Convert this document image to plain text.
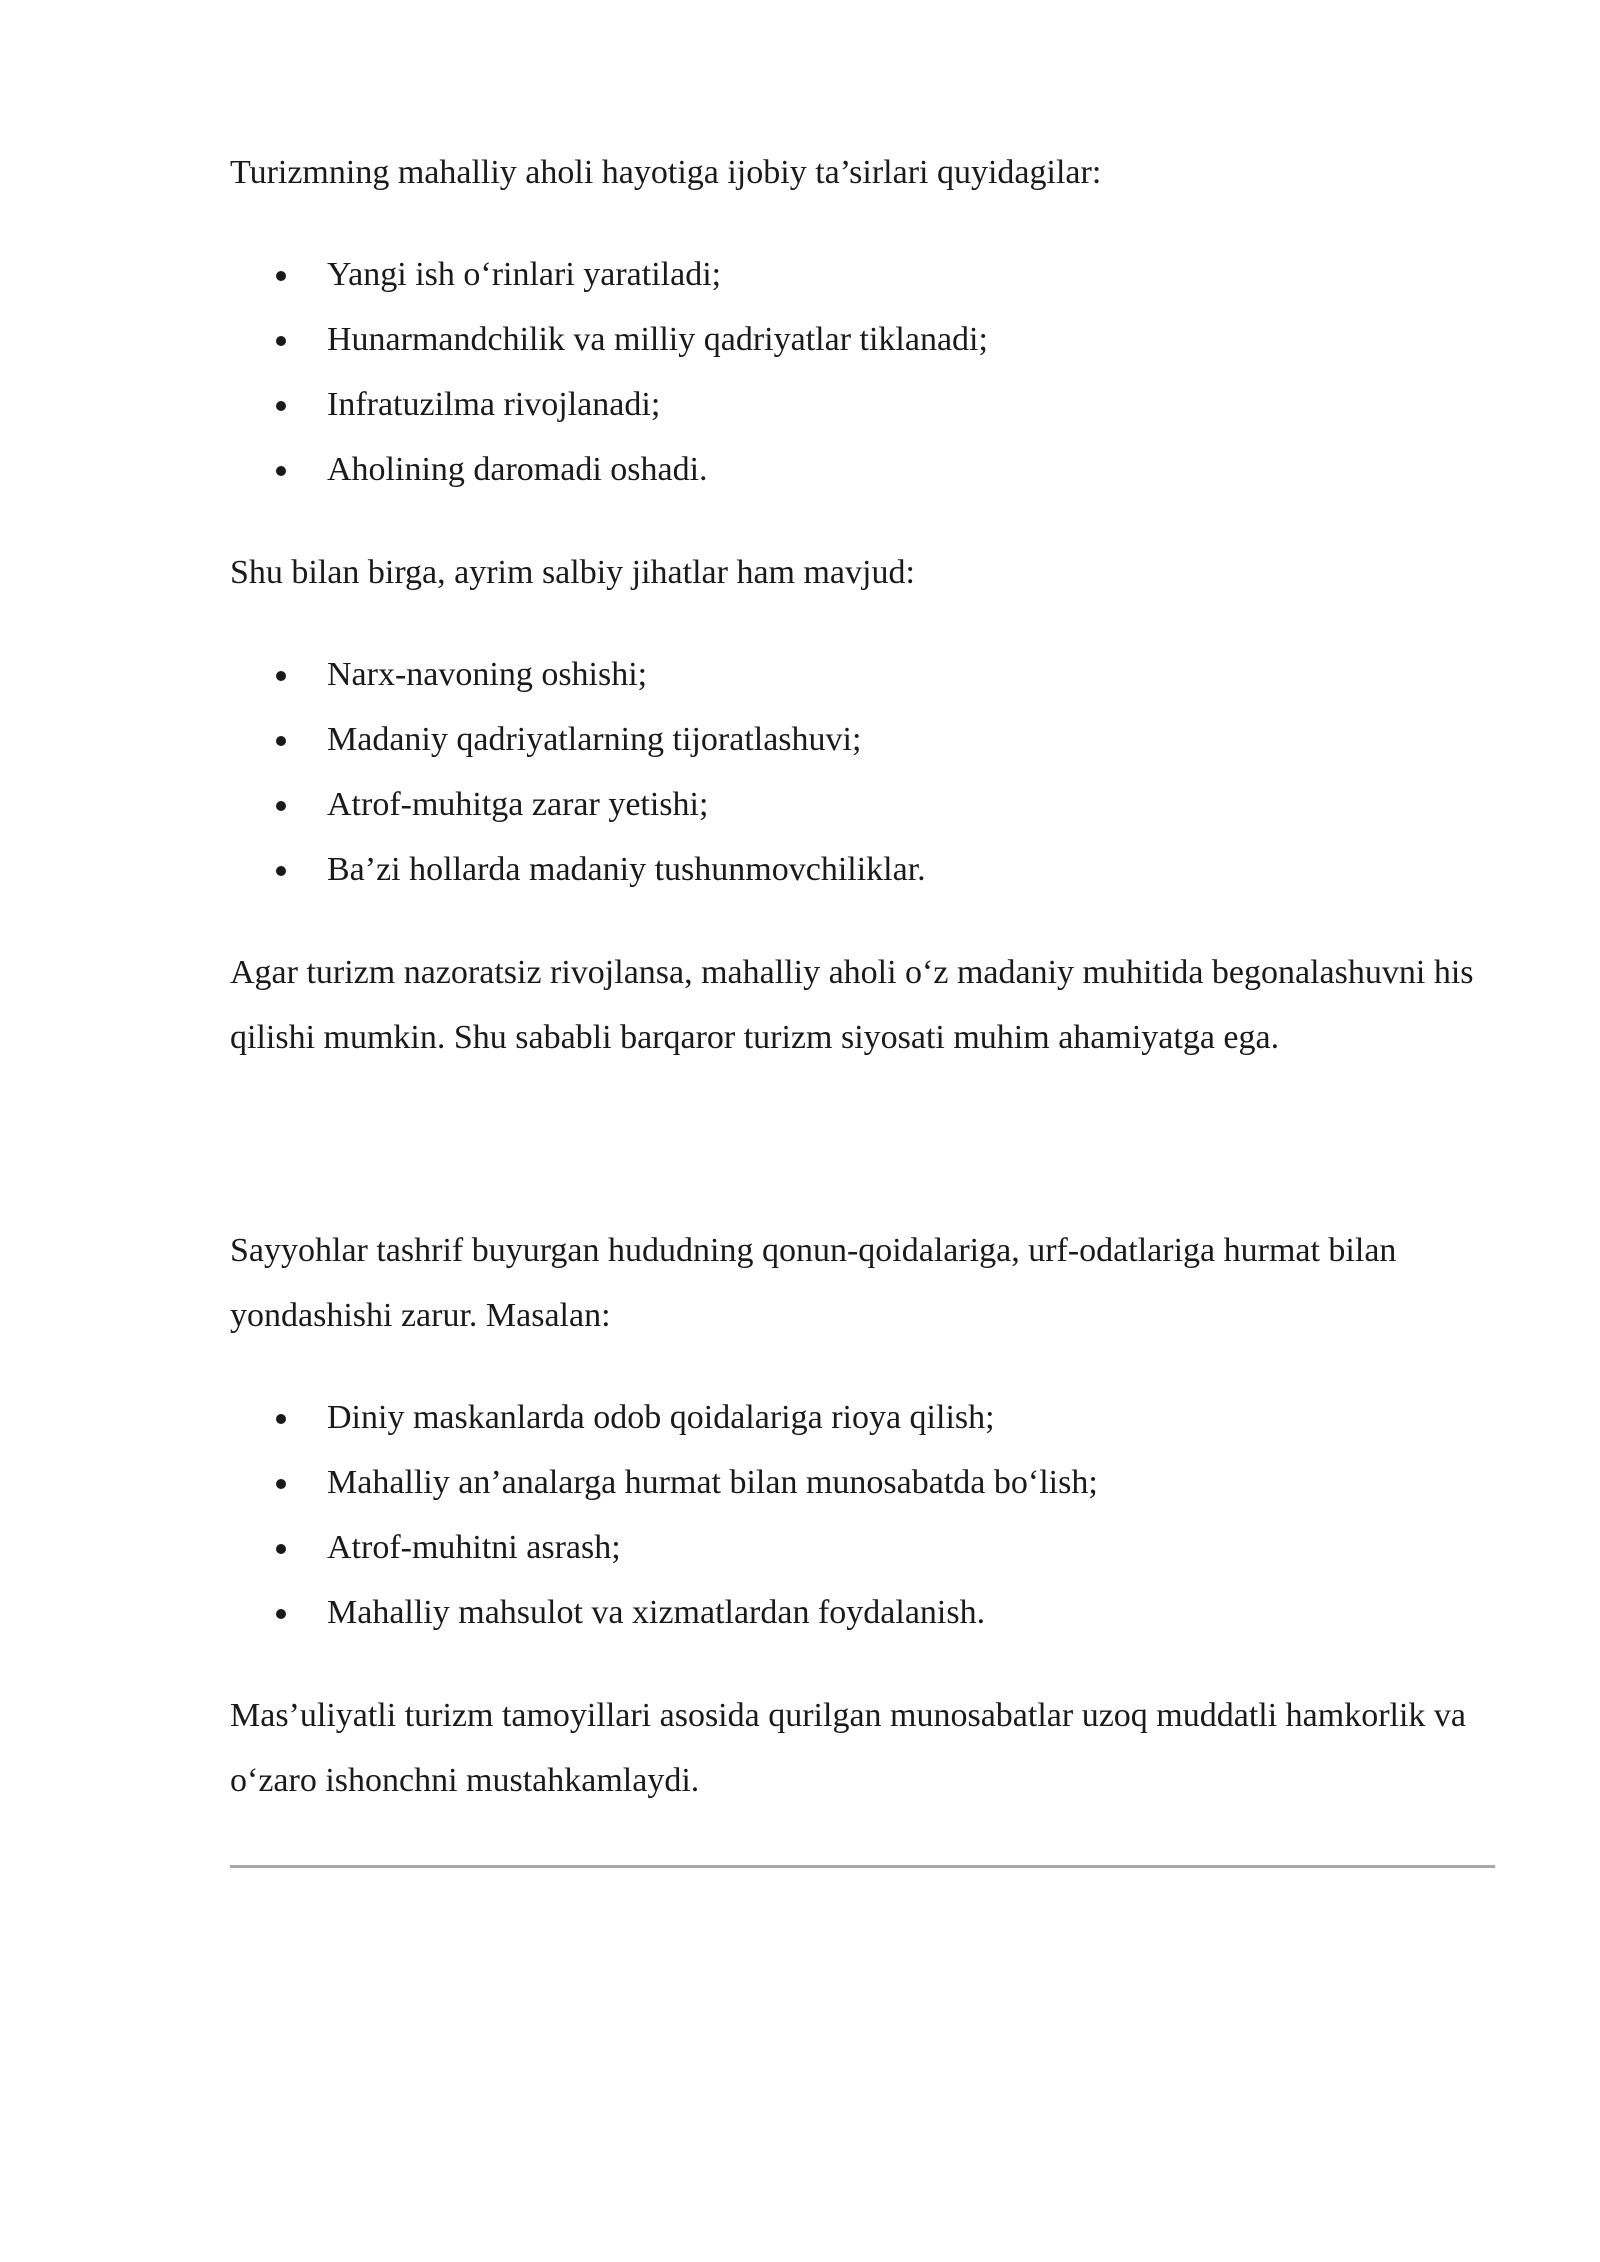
Turizmning mahalliy aholi hayotiga ijobiy ta’sirlari quyidagilar:

Yangi ish o‘rinlari yaratiladi;
Hunarmandchilik va milliy qadriyatlar tiklanadi;
Infratuzilma rivojlanadi;
Aholining daromadi oshadi.

Shu bilan birga, ayrim salbiy jihatlar ham mavjud:

Narx-navoning oshishi;
Madaniy qadriyatlarning tijoratlashuvi;
Atrof-muhitga zarar yetishi;
Ba’zi hollarda madaniy tushunmovchiliklar.

Agar turizm nazoratsiz rivojlansa, mahalliy aholi o‘z madaniy muhitida begonalashuvni his qilishi mumkin. Shu sababli barqaror turizm siyosati muhim ahamiyatga ega.

Sayyohlar tashrif buyurgan hududning qonun-qoidalariga, urf-odatlariga hurmat bilan yondashishi zarur. Masalan:

Diniy maskanlarda odob qoidalariga rioya qilish;
Mahalliy an’analarga hurmat bilan munosabatda bo‘lish;
Atrof-muhitni asrash;
Mahalliy mahsulot va xizmatlardan foydalanish.

Mas’uliyatli turizm tamoyillari asosida qurilgan munosabatlar uzoq muddatli hamkorlik va o‘zaro ishonchni mustahkamlaydi.
